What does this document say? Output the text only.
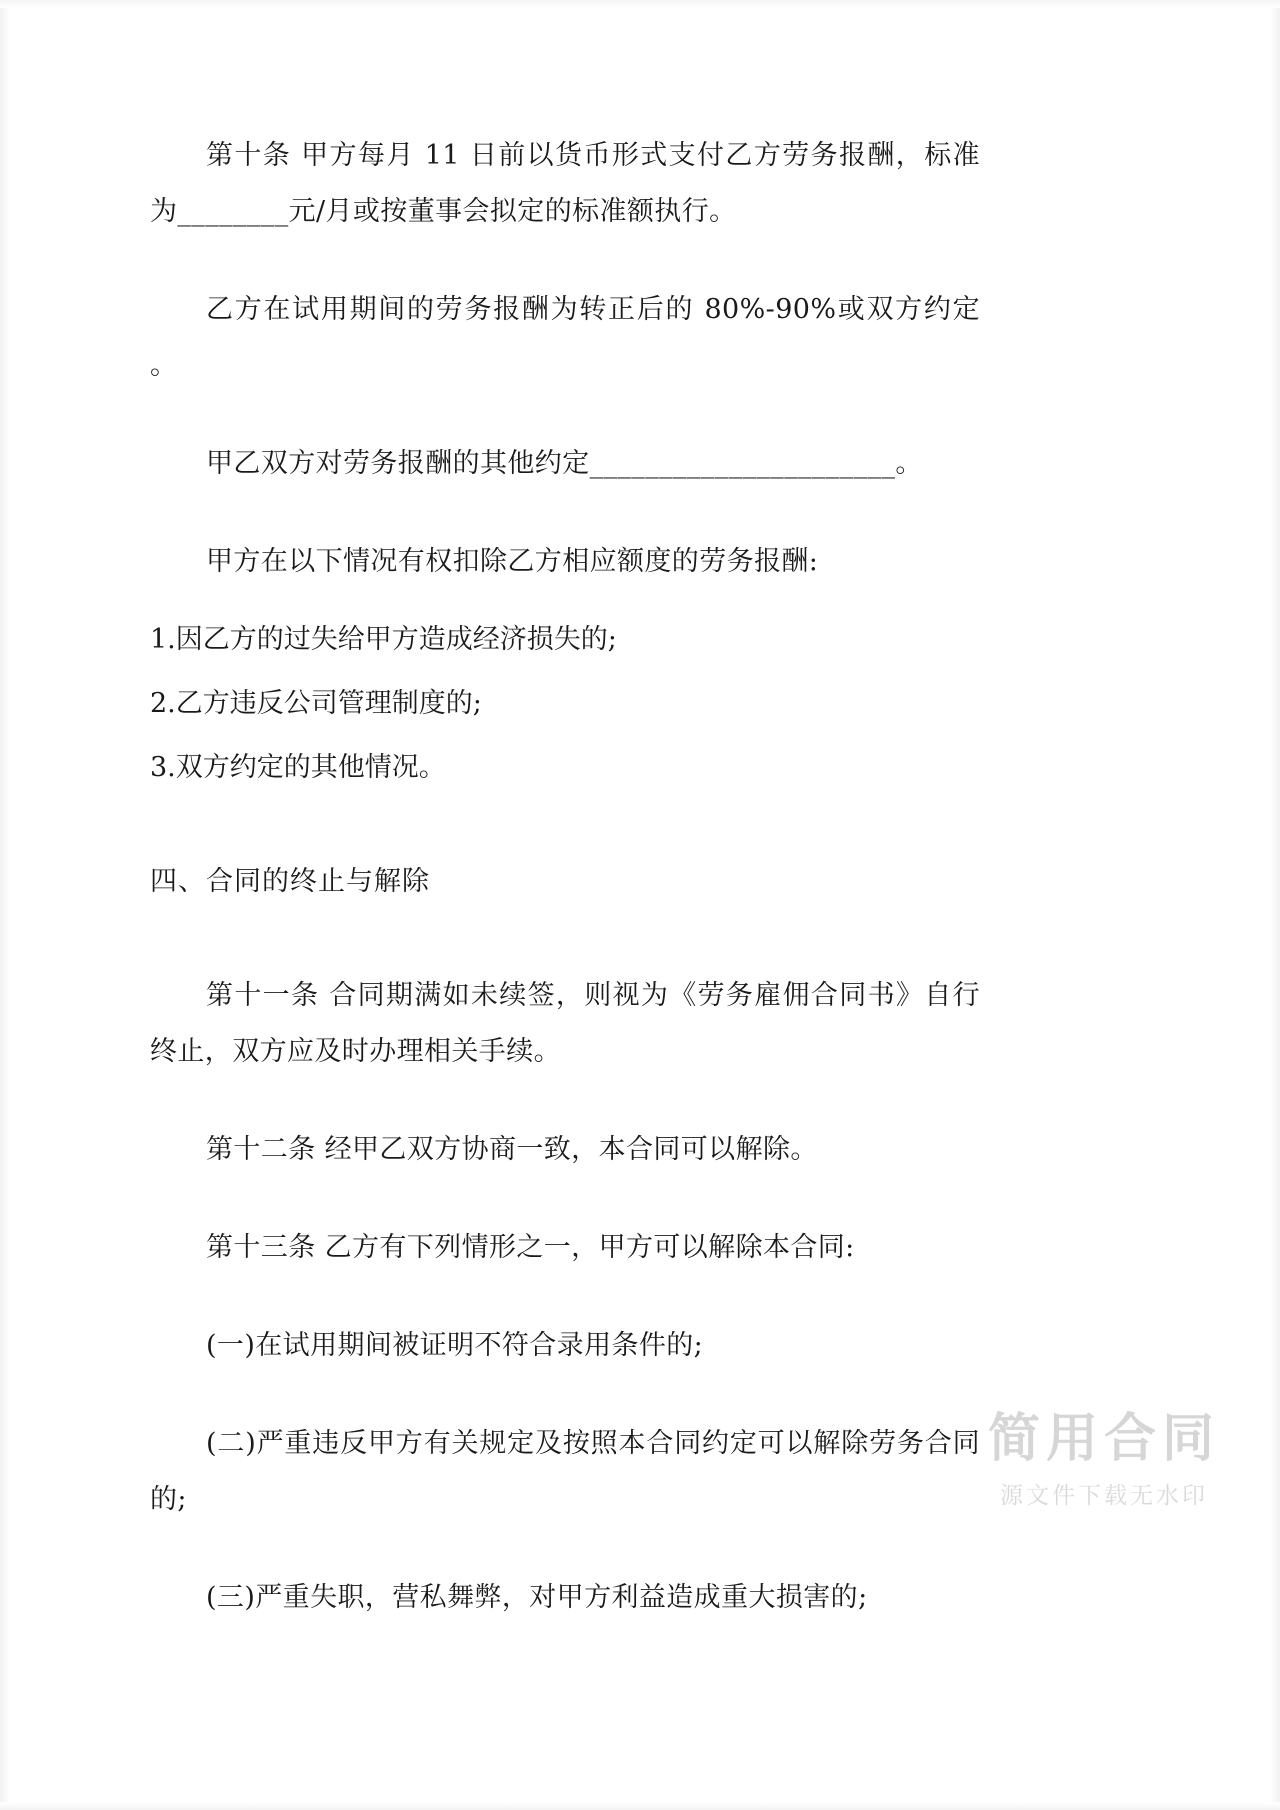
第十条 甲方每月 11 日前以货币形式支付乙方劳务报酬，标准为________元/月或按董事会拟定的标准额执行。

乙方在试用期间的劳务报酬为转正后的 80%-90%或双方约定 。

甲乙双方对劳务报酬的其他约定______________________。

甲方在以下情况有权扣除乙方相应额度的劳务报酬:

1.因乙方的过失给甲方造成经济损失的;

2.乙方违反公司管理制度的;

3.双方约定的其他情况。

四、合同的终止与解除

第十一条 合同期满如未续签，则视为《劳务雇佣合同书》自行终止，双方应及时办理相关手续。

第十二条 经甲乙双方协商一致，本合同可以解除。

第十三条 乙方有下列情形之一，甲方可以解除本合同:

(一)在试用期间被证明不符合录用条件的;

(二)严重违反甲方有关规定及按照本合同约定可以解除劳务合同的;

(三)严重失职，营私舞弊，对甲方利益造成重大损害的;

简用合同
源文件下载无水印
